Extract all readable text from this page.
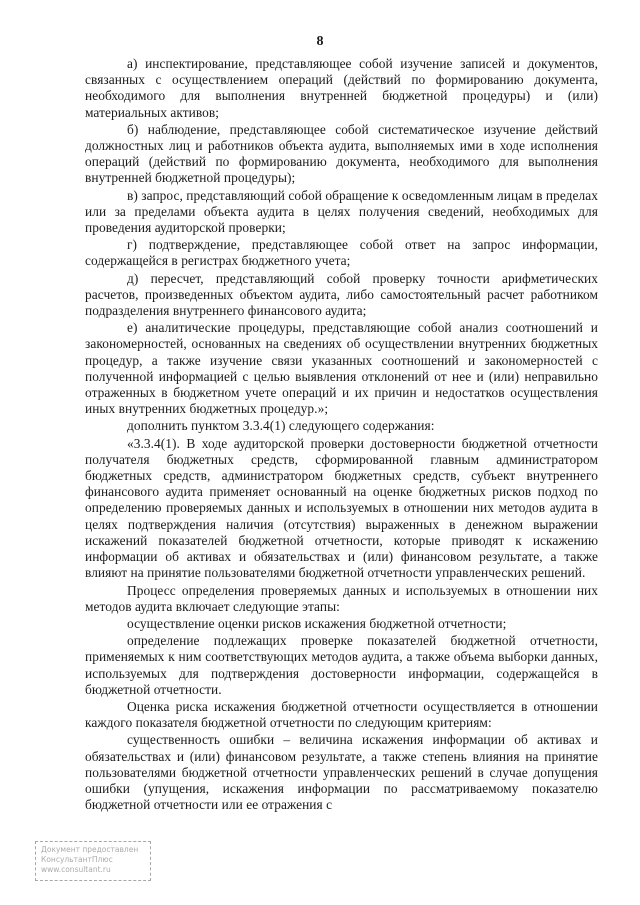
8

а) инспектирование, представляющее собой изучение записей и документов, связанных с осуществлением операций (действий по формированию документа, необходимого для выполнения внутренней бюджетной процедуры) и (или) материальных активов;

б) наблюдение, представляющее собой систематическое изучение действий должностных лиц и работников объекта аудита, выполняемых ими в ходе исполнения операций (действий по формированию документа, необходимого для выполнения внутренней бюджетной процедуры);

в) запрос, представляющий собой обращение к осведомленным лицам в пределах или за пределами объекта аудита в целях получения сведений, необходимых для проведения аудиторской проверки;

г) подтверждение, представляющее собой ответ на запрос информации, содержащейся в регистрах бюджетного учета;

д) пересчет, представляющий собой проверку точности арифметических расчетов, произведенных объектом аудита, либо самостоятельный расчет работником подразделения внутреннего финансового аудита;

е) аналитические процедуры, представляющие собой анализ соотношений и закономерностей, основанных на сведениях об осуществлении внутренних бюджетных процедур, а также изучение связи указанных соотношений и закономерностей с полученной информацией с целью выявления отклонений от нее и (или) неправильно отраженных в бюджетном учете операций и их причин и недостатков осуществления иных внутренних бюджетных процедур.»;

дополнить пунктом 3.3.4(1) следующего содержания:

«3.3.4(1). В ходе аудиторской проверки достоверности бюджетной отчетности получателя бюджетных средств, сформированной главным администратором бюджетных средств, администратором бюджетных средств, субъект внутреннего финансового аудита применяет основанный на оценке бюджетных рисков подход по определению проверяемых данных и используемых в отношении них методов аудита в целях подтверждения наличия (отсутствия) выраженных в денежном выражении искажений показателей бюджетной отчетности, которые приводят к искажению информации об активах и обязательствах и (или) финансовом результате, а также влияют на принятие пользователями бюджетной отчетности управленческих решений.

Процесс определения проверяемых данных и используемых в отношении них методов аудита включает следующие этапы:

осуществление оценки рисков искажения бюджетной отчетности;

определение подлежащих проверке показателей бюджетной отчетности, применяемых к ним соответствующих методов аудита, а также объема выборки данных, используемых для подтверждения достоверности информации, содержащейся в бюджетной отчетности.

Оценка риска искажения бюджетной отчетности осуществляется в отношении каждого показателя бюджетной отчетности по следующим критериям:

существенность ошибки – величина искажения информации об активах и обязательствах и (или) финансовом результате, а также степень влияния на принятие пользователями бюджетной отчетности управленческих решений в случае допущения ошибки (упущения, искажения информации по рассматриваемому показателю бюджетной отчетности или ее отражения с

Документ предоставлен
КонсультантПлюс
www.consultant.ru
